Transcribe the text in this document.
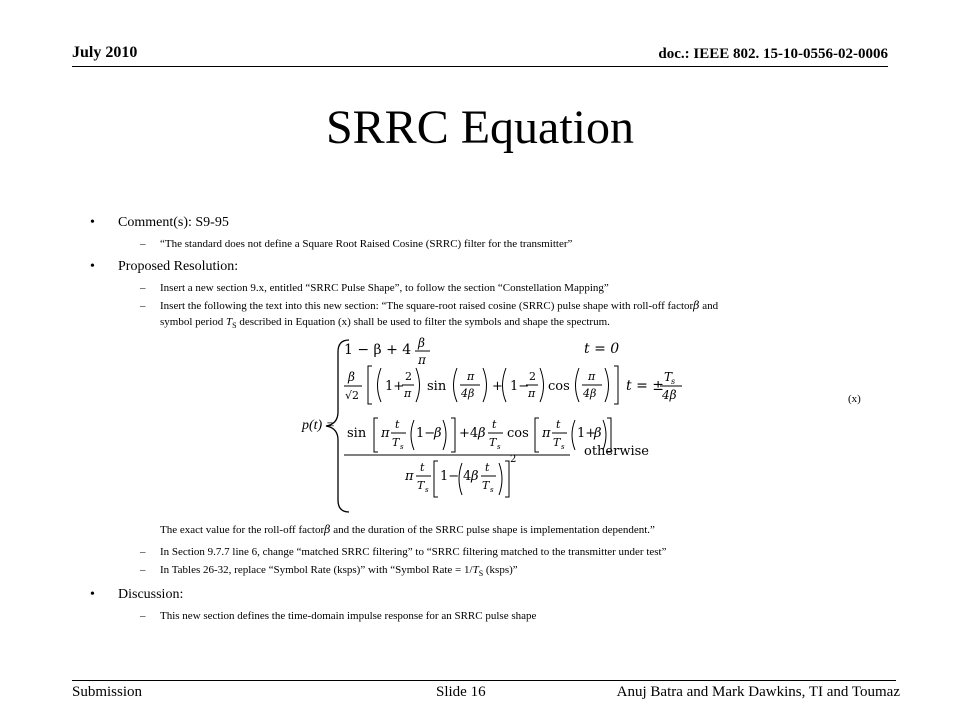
July 2010	doc.: IEEE 802. 15-10-0556-02-0006
SRRC Equation
• Comment(s): S9-95
– “The standard does not define a Square Root Raised Cosine (SRRC) filter for the transmitter”
• Proposed Resolution:
– Insert a new section 9.x, entitled “SRRC Pulse Shape”, to follow the section “Constellation Mapping”
– Insert the following the text into this new section: “The square-root raised cosine (SRRC) pulse shape with roll-off factorβ and
symbol period $T_S$ described in Equation (x) shall be used to filter the symbols and shape the spectrum.
p(t) =
(x)
1 − β + 4 β
π
t = 0
β
√2
1+
2
π sin
π
4β + 1−
2
π cos
π
4β t = ±
T
s
4β
sin π
t
T s
1−
β +4 β
t
T s
cos π
t
T s
1+
β
otherwise
π
t
T s
1− 4 β
t
T s
2
The exact value for the roll-off factorβ and the duration of the SRRC pulse shape is implementation dependent.”
– In Section 9.7.7 line 6, change “matched SRRC filtering” to “SRRC filtering matched to the transmitter under test”
– In Tables 26-32, replace “Symbol Rate (ksps)” with “Symbol Rate = $1/T_S$ (ksps)”
• Discussion:
– This new section defines the time-domain impulse response for an SRRC pulse shape
Submission	Slide 16	Anuj Batra and Mark Dawkins, TI and Toumaz
